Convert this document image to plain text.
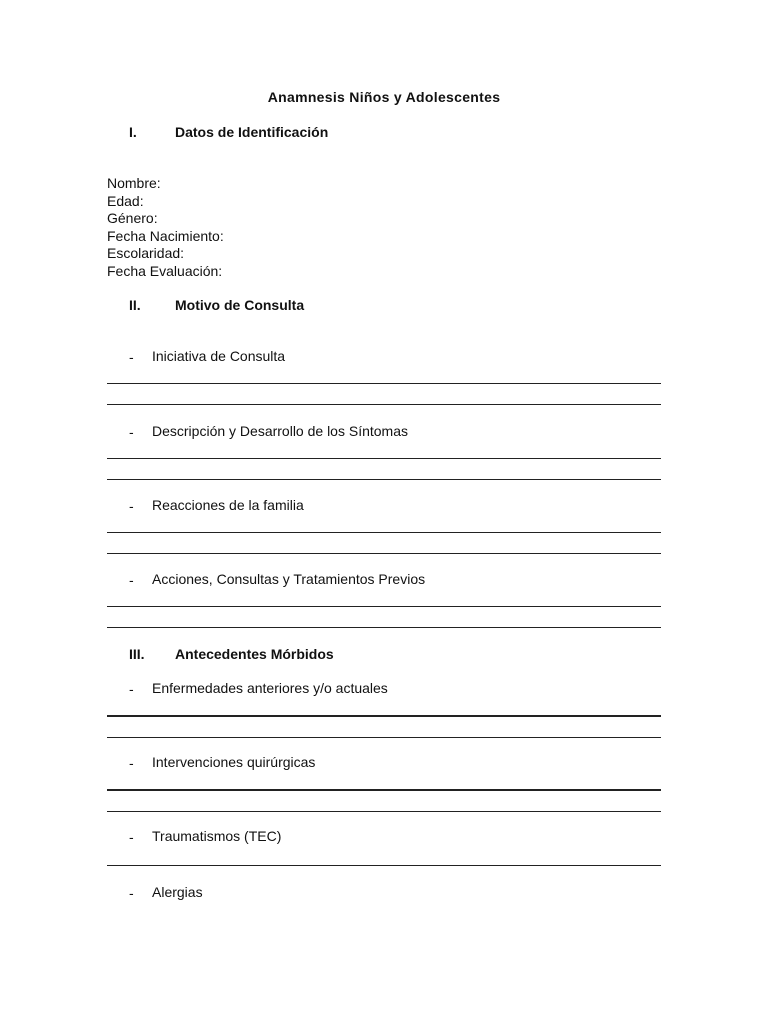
Anamnesis Niños y Adolescentes
I.	Datos de Identificación
Nombre:
Edad:
Género:
Fecha Nacimiento:
Escolaridad:
Fecha Evaluación:
II. Motivo de Consulta
- Iniciativa de Consulta
- Descripción y Desarrollo de los Síntomas
- Reacciones de la familia
- Acciones, Consultas y Tratamientos Previos
III. Antecedentes Mórbidos
- Enfermedades anteriores y/o actuales
- Intervenciones quirúrgicas
- Traumatismos (TEC)
- Alergias
